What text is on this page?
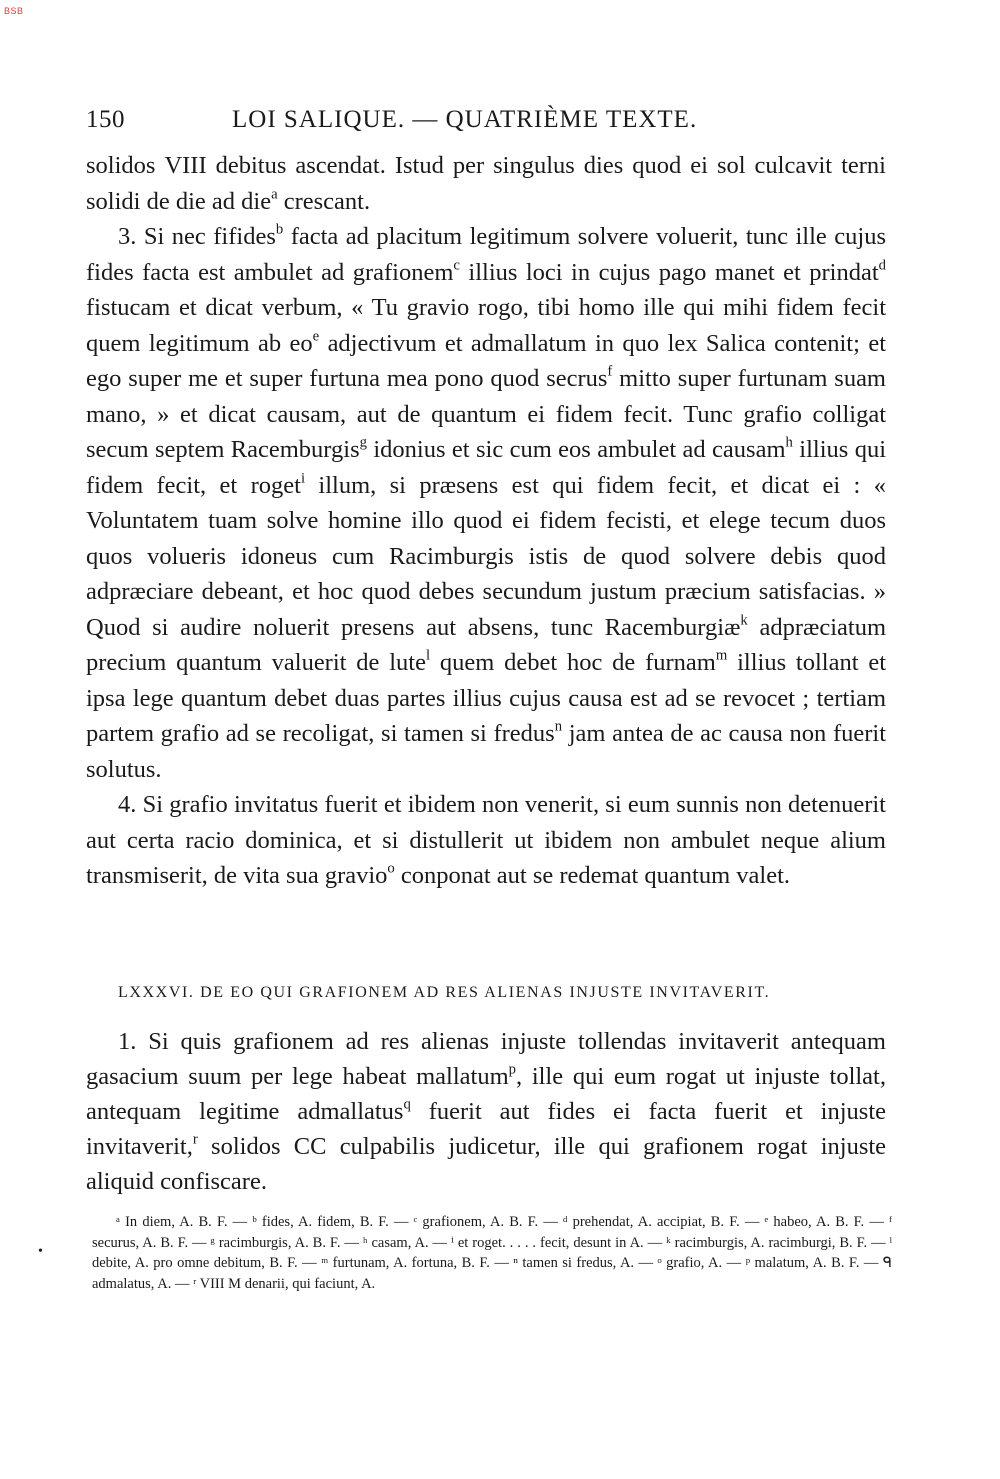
BSB
150	LOI SALIQUE. — QUATRIÈME TEXTE.

solidos VIII debitus ascendat. Istud per singulus dies quod ei sol culcavit terni solidi de die ad die$^a$ crescant.

3. Si nec fifides$^b$ facta ad placitum legitimum solvere voluerit, tunc ille cujus fides facta est ambulet ad grafionem$^c$ illius loci in cujus pago manet et prindat$^d$ fistucam et dicat verbum, « Tu gravio rogo, tibi homo ille qui mihi fidem fecit quem legitimum ab $eo^e$ adjectivum et admallatum in quo lex Salica contenit; et ego super me et super furtuna mea pono quod secrus$^f$ mitto super furtunam suam mano, » et dicat causam, aut de quantum ei fidem fecit. Tunc grafio colligat secum septem Racemburgis$^g$ idonius et sic cum eos ambulet ad causam$^h$ illius qui fidem fecit, et roget$^i$ illum, si præsens est qui fidem fecit, et dicat ei : « Voluntatem tuam solve homine illo quod ei fidem fecisti, et elege tecum duos quos volueris idoneus cum Racimburgis istis de quod solvere debis quod adpræciare debeant, et hoc quod debes secundum justum præcium satisfacias. » Quod si audire noluerit presens aut absens, tunc Racemburgiæ$^k$ adpræciatum precium quantum valuerit de lute$^l$ quem debet hoc de furnam$^m$ illius tollant et ipsa lege quantum debet duas partes illius cujus causa est ad se revocet ; tertiam partem grafio ad se recoligat, si tamen si fredus$^n$ jam antea de ac causa non fuerit solutus.

4. Si grafio invitatus fuerit et ibidem non venerit, si eum sunnis non detenuerit aut certa racio dominica, et si distullerit ut ibidem non ambulet neque alium transmiserit, de vita sua gravio$^o$ conponat aut se redemat quantum valet.

LXXXVI. DE EO QUI GRAFIONEM AD RES ALIENAS INJUSTE INVITAVERIT.

1. Si quis grafionem ad res alienas injuste tollendas invitaverit antequam gasacium suum per lege habeat mallatum$^p$, ille qui eum rogat ut injuste tollat, antequam legitime admallatus$^q$ fuerit aut fides ei facta fuerit et injuste invitaverit,$^r$ solidos CC culpabilis judicetur, ille qui grafionem rogat injuste aliquid confiscare.

•

ᵃ In diem, A. B. F. — ᵇ fides, A. fidem, B. F. — ᶜ grafionem, A. B. F. — ᵈ prehendat, A. accipiat, B. F. — ᵉ habeo, A. B. F. — ᶠ securus, A. B. F. — ᵍ racimburgis, A. B. F. — ʰ casam, A. — ⁱ et roget. . . . . fecit, desunt in A. — ᵏ racimburgis, A. racimburgi, B. F. — ˡ debite, A. pro omne debitum, B. F. — ᵐ furtunam, A. fortuna, B. F. — ⁿ tamen si fredus, A. — ᵒ grafio, A. — ᵖ malatum, A. B. F. — ᑫ admalatus, A. — ʳ VIII M denarii, qui faciunt, A.
